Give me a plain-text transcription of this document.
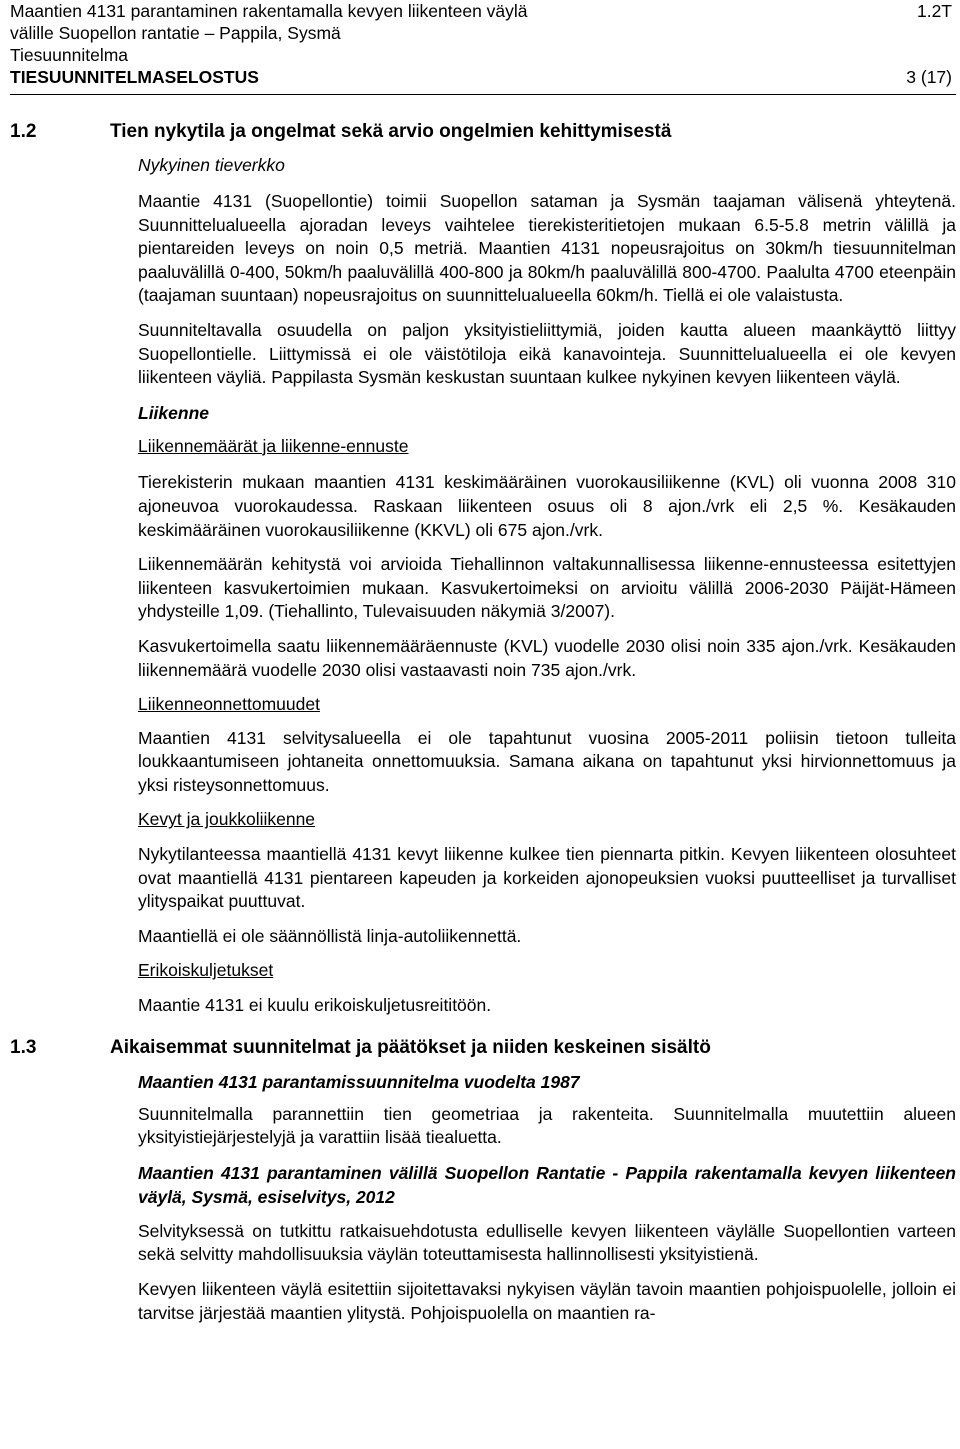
Maantien 4131 parantaminen rakentamalla kevyen liikenteen väylä	1.2T
välille Suopellon rantatie – Pappila, Sysmä
Tiesuunnitelma
TIESUUNNITELMASELOSTUS	3 (17)
1.2	Tien nykytila ja ongelmat sekä arvio ongelmien kehittymisestä
Nykyinen tieverkko

Maantie 4131 (Suopellontie) toimii Suopellon sataman ja Sysmän taajaman välisenä yhteytenä. Suunnittelualueella ajoradan leveys vaihtelee tierekisteritietojen mukaan 6.5-5.8 metrin välillä ja pientareiden leveys on noin 0,5 metriä. Maantien 4131 nopeusrajoitus on 30km/h tiesuunnitelman paaluvälillä 0-400, 50km/h paaluvälillä 400-800 ja 80km/h paaluvälillä 800-4700. Paalulta 4700 eteenpäin (taajaman suuntaan) nopeusrajoitus on suunnittelualueella 60km/h. Tiellä ei ole valaistusta.

Suunniteltavalla osuudella on paljon yksityistieliittymiä, joiden kautta alueen maankäyttö liittyy Suopellontielle. Liittymissä ei ole väistötiloja eikä kanavointeja. Suunnittelualueella ei ole kevyen liikenteen väyliä. Pappilasta Sysmän keskustan suuntaan kulkee nykyinen kevyen liikenteen väylä.

Liikenne
Liikennemäärät ja liikenne-ennuste

Tierekisterin mukaan maantien 4131 keskimääräinen vuorokausiliikenne (KVL) oli vuonna 2008 310 ajoneuvoa vuorokaudessa. Raskaan liikenteen osuus oli 8 ajon./vrk eli 2,5 %. Kesäkauden keskimääräinen vuorokausiliikenne (KKVL) oli 675 ajon./vrk.

Liikennemäärän kehitystä voi arvioida Tiehallinnon valtakunnallisessa liikenne-ennusteessa esitettyjen liikenteen kasvukertoimien mukaan. Kasvukertoimeksi on arvioitu välillä 2006-2030 Päijät-Hämeen yhdysteille 1,09. (Tiehallinto, Tulevaisuuden näkymiä 3/2007).

Kasvukertoimella saatu liikennemääräennuste (KVL) vuodelle 2030 olisi noin 335 ajon./vrk. Kesäkauden liikennemäärä vuodelle 2030 olisi vastaavasti noin 735 ajon./vrk.

Liikenneonnettomuudet

Maantien 4131 selvitysalueella ei ole tapahtunut vuosina 2005-2011 poliisin tietoon tulleita loukkaantumiseen johtaneita onnettomuuksia. Samana aikana on tapahtunut yksi hirvionnettomuus ja yksi risteysonnettomuus.

Kevyt ja joukkoliikenne

Nykytilanteessa maantiellä 4131 kevyt liikenne kulkee tien piennarta pitkin. Kevyen liikenteen olosuhteet ovat maantiellä 4131 pientareen kapeuden ja korkeiden ajonopeuksien vuoksi puutteelliset ja turvalliset ylityspaikat puuttuvat.

Maantiellä ei ole säännöllistä linja-autoliikennettä.

Erikoiskuljetukset

Maantie 4131 ei kuulu erikoiskuljetusreititöön.

1.3	Aikaisemmat suunnitelmat ja päätökset ja niiden keskeinen sisältö
Maantien 4131 parantamissuunnitelma vuodelta 1987

Suunnitelmalla parannettiin tien geometriaa ja rakenteita. Suunnitelmalla muutettiin alueen yksityistiejärjestelyjä ja varattiin lisää tiealuetta.

Maantien 4131 parantaminen välillä Suopellon Rantatie - Pappila rakentamalla kevyen liikenteen väylä, Sysmä, esiselvitys, 2012

Selvityksessä on tutkittu ratkaisuehdotusta edulliselle kevyen liikenteen väylälle Suopellontien varteen sekä selvitty mahdollisuuksia väylän toteuttamisesta hallinnollisesti yksityistienä.

Kevyen liikenteen väylä esitettiin sijoitettavaksi nykyisen väylän tavoin maantien pohjoispuolelle, jolloin ei tarvitse järjestää maantien ylitystä. Pohjoispuolella on maantien ra-
